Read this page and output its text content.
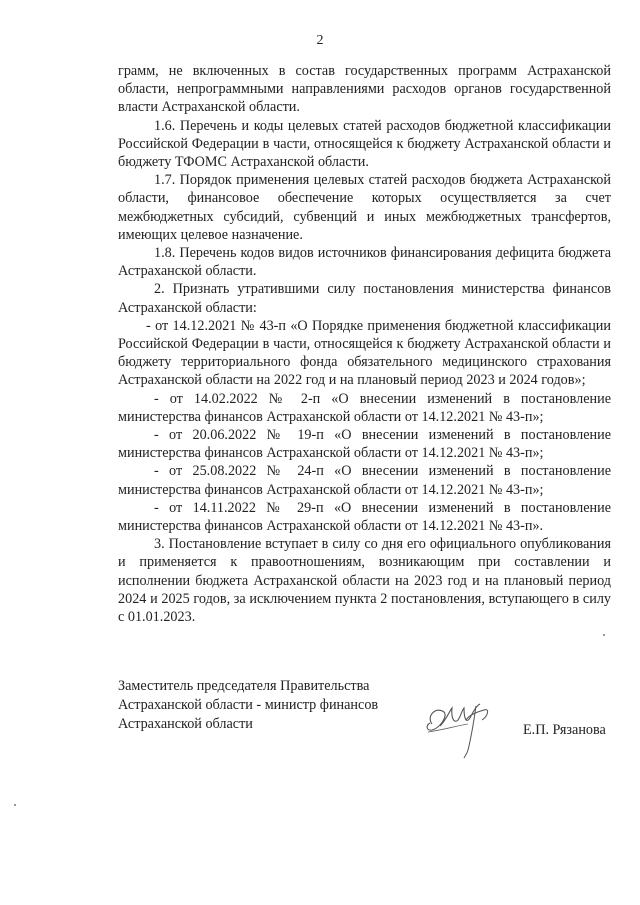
2

грамм, не включенных в состав государственных программ Астраханской области, непрограммными направлениями расходов органов государственной власти Астраханской области.

1.6. Перечень и коды целевых статей расходов бюджетной классификации Российской Федерации в части, относящейся к бюджету Астраханской области и бюджету ТФОМС Астраханской области.

1.7. Порядок применения целевых статей расходов бюджета Астраханской области, финансовое обеспечение которых осуществляется за счет межбюджетных субсидий, субвенций и иных межбюджетных трансфертов, имеющих целевое назначение.

1.8. Перечень кодов видов источников финансирования дефицита бюджета Астраханской области.

2. Признать утратившими силу постановления министерства финансов Астраханской области:

- от 14.12.2021 № 43-п «О Порядке применения бюджетной классификации Российской Федерации в части, относящейся к бюджету Астраханской области и бюджету территориального фонда обязательного медицинского страхования Астраханской области на 2022 год и на плановый период 2023 и 2024 годов»;

- от 14.02.2022 № 2-п «О внесении изменений в постановление министерства финансов Астраханской области от 14.12.2021 № 43-п»;

- от 20.06.2022 № 19-п «О внесении изменений в постановление министерства финансов Астраханской области от 14.12.2021 № 43-п»;

- от 25.08.2022 № 24-п «О внесении изменений в постановление министерства финансов Астраханской области от 14.12.2021 № 43-п»;

- от 14.11.2022 № 29-п «О внесении изменений в постановление министерства финансов Астраханской области от 14.12.2021 № 43-п».

3. Постановление вступает в силу со дня его официального опубликования и применяется к правоотношениям, возникающим при составлении и исполнении бюджета Астраханской области на 2023 год и на плановый период 2024 и 2025 годов, за исключением пункта 2 постановления, вступающего в силу с 01.01.2023.

Заместитель председателя Правительства
Астраханской области - министр финансов
Астраханской области	Е.П. Рязанова
